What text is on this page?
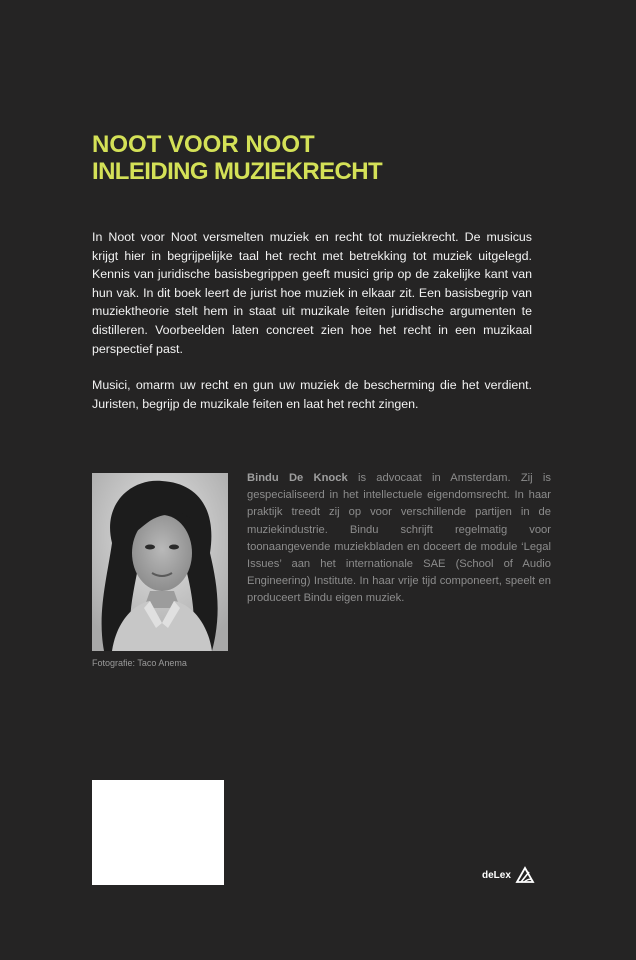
NOOT VOOR NOOT
INLEIDING MUZIEKRECHT

In Noot voor Noot versmelten muziek en recht tot muziekrecht. De musicus krijgt hier in begrijpelijke taal het recht met betrekking tot muziek uitgelegd. Kennis van juridische basisbegrippen geeft musici grip op de zakelijke kant van hun vak. In dit boek leert de jurist hoe muziek in elkaar zit. Een basisbegrip van muziektheorie stelt hem in staat uit muzikale feiten juridische argumenten te distilleren. Voorbeelden laten concreet zien hoe het recht in een muzikaal perspectief past.

Musici, omarm uw recht en gun uw muziek de bescherming die het verdient. Juristen, begrijp de muzikale feiten en laat het recht zingen.

Fotografie: Taco Anema
Bindu De Knock is advocaat in Amsterdam. Zij is gespecialiseerd in het intellectuele eigendomsrecht. In haar praktijk treedt zij op voor verschillende partijen in de muziekindustrie. Bindu schrijft regelmatig voor toonaangevende muziekbladen en doceert de module ‘Legal Issues’ aan het internationale SAE (School of Audio Engineering) Institute. In haar vrije tijd componeert, speelt en produceert Bindu eigen muziek.
deLex
